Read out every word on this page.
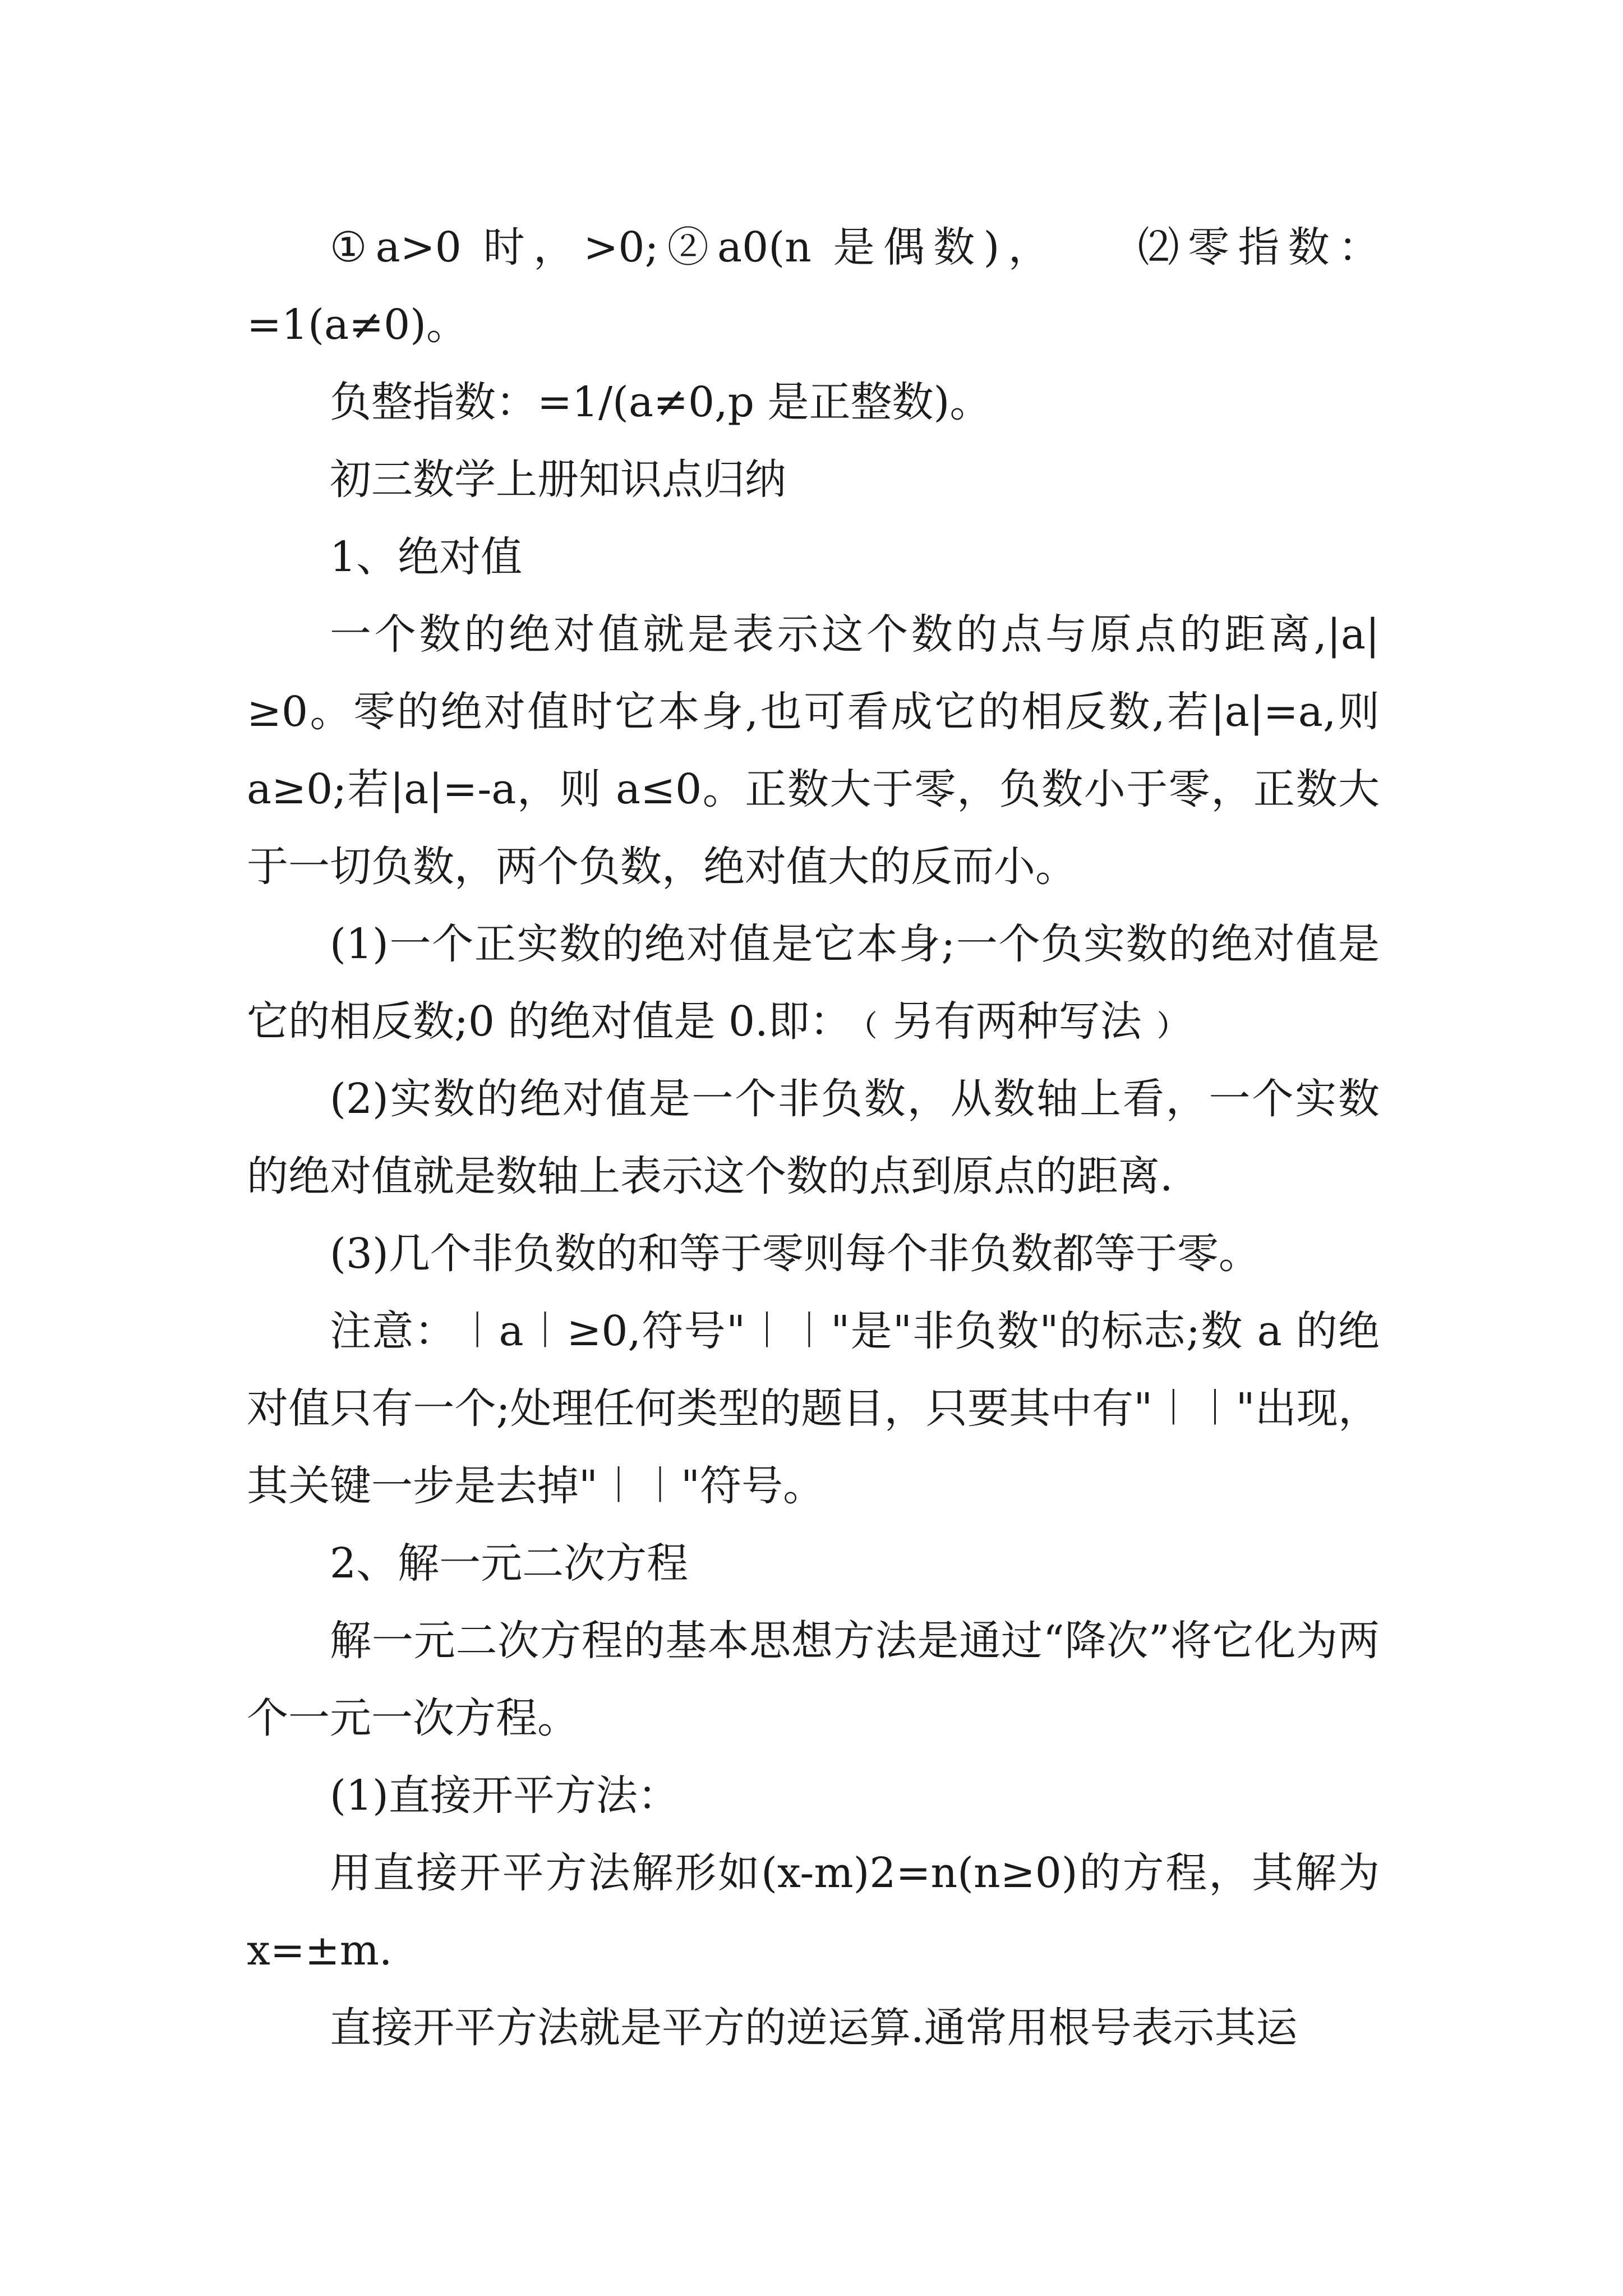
①a>0 时，>0;②a0(n 是偶数)，　　⑵零指数：=1(a≠0)。

负整指数：=1/(a≠0,p 是正整数)。

初三数学上册知识点归纳

1、绝对值

一个数的绝对值就是表示这个数的点与原点的距离,|a|≥0。零的绝对值时它本身,也可看成它的相反数,若|a|=a,则 a≥0;若|a|=-a，则 a≤0。正数大于零，负数小于零，正数大于一切负数，两个负数，绝对值大的反而小。

(1)一个正实数的绝对值是它本身;一个负实数的绝对值是它的相反数;0 的绝对值是 0.即：﹙另有两种写法﹚

(2)实数的绝对值是一个非负数，从数轴上看，一个实数的绝对值就是数轴上表示这个数的点到原点的距离.

(3)几个非负数的和等于零则每个非负数都等于零。

注意：︱a︱≥0,符号"︱︱"是"非负数"的标志;数 a 的绝对值只有一个;处理任何类型的题目，只要其中有"︱︱"出现，其关键一步是去掉"︱︱"符号。

2、解一元二次方程

解一元二次方程的基本思想方法是通过“降次”将它化为两个一元一次方程。

(1)直接开平方法：

用直接开平方法解形如(x-m)2=n(n≥0)的方程，其解为 x=±m.

直接开平方法就是平方的逆运算.通常用根号表示其运
